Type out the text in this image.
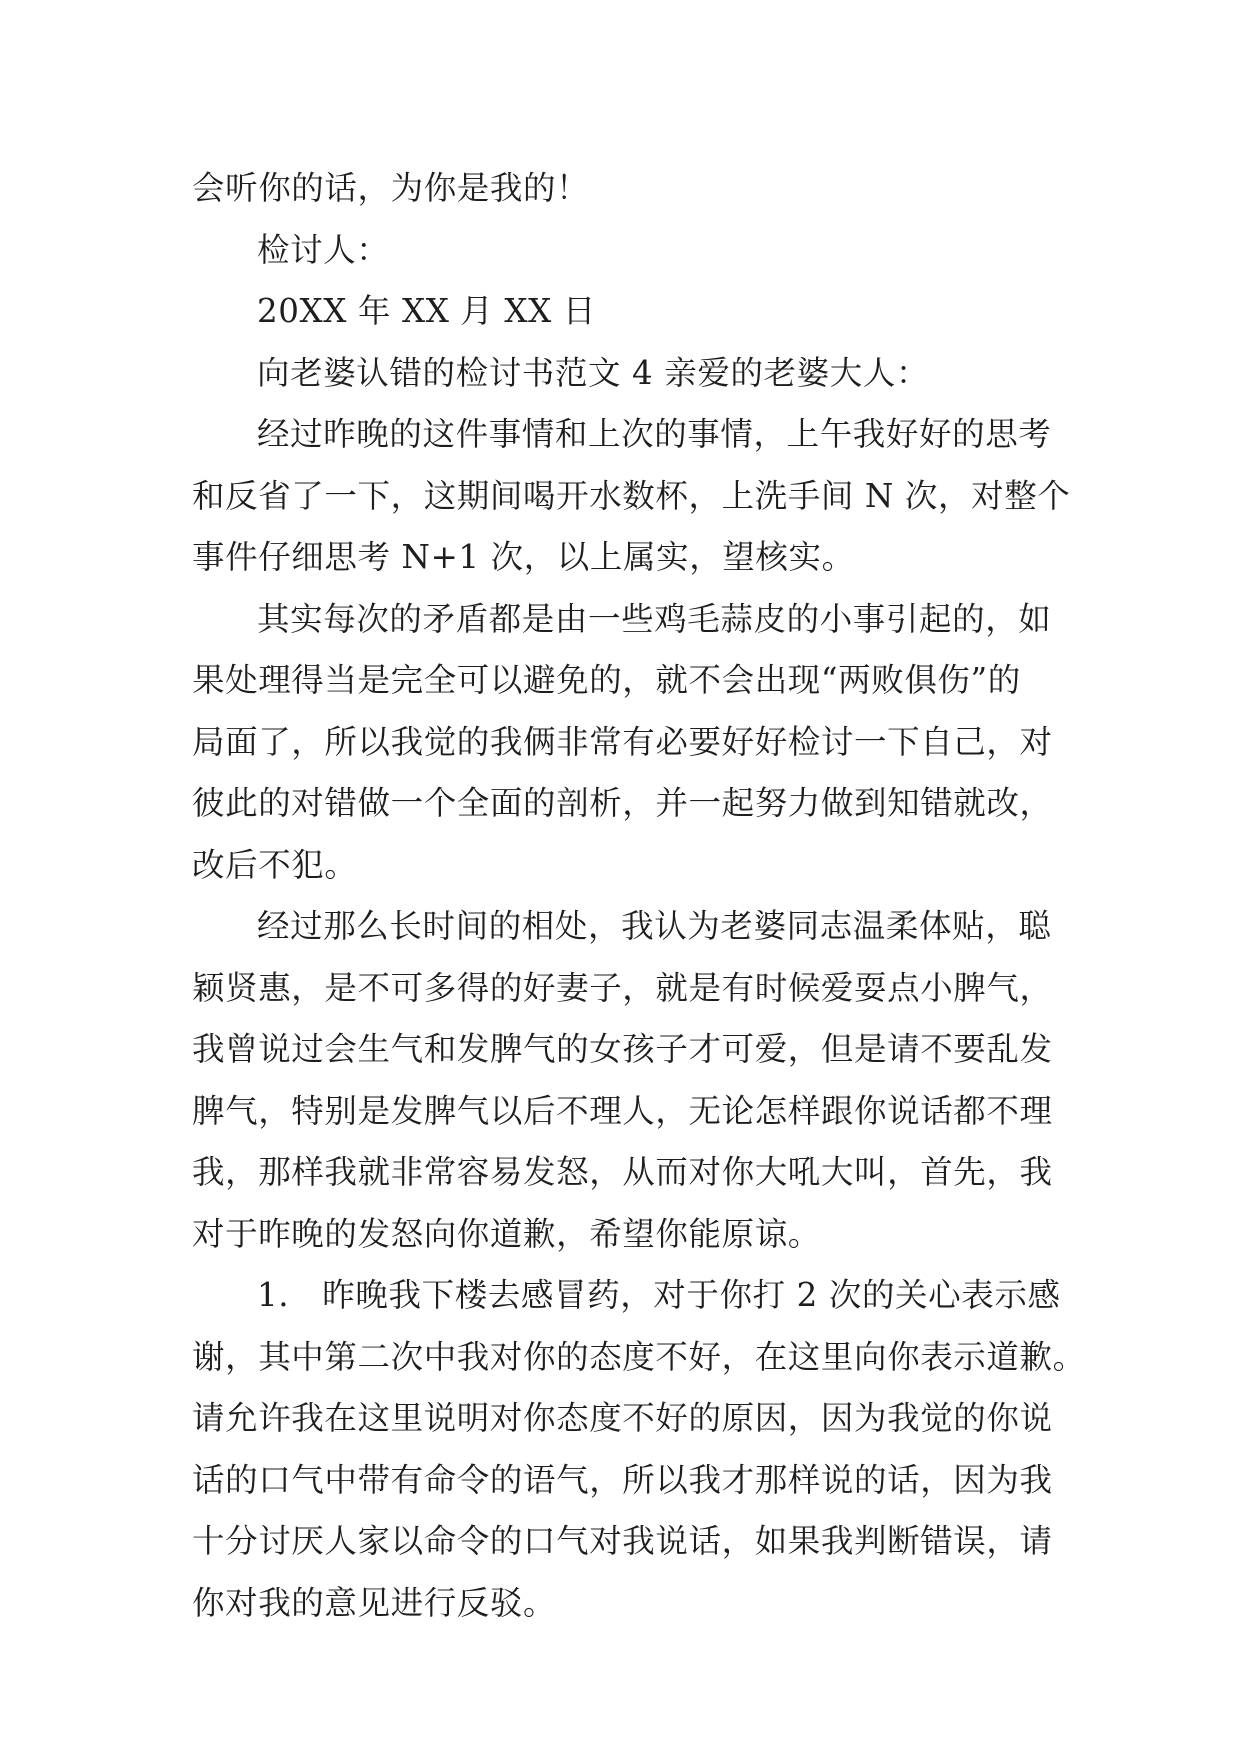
会听你的话，为你是我的！
检讨人：
20XX 年 XX 月 XX 日
向老婆认错的检讨书范文 4 亲爱的老婆大人：
经过昨晚的这件事情和上次的事情，上午我好好的思考
和反省了一下，这期间喝开水数杯，上洗手间 N 次，对整个
事件仔细思考 N+1 次，以上属实，望核实。
其实每次的矛盾都是由一些鸡毛蒜皮的小事引起的，如
果处理得当是完全可以避免的，就不会出现“两败俱伤”的
局面了，所以我觉的我俩非常有必要好好检讨一下自己，对
彼此的对错做一个全面的剖析，并一起努力做到知错就改，
改后不犯。
经过那么长时间的相处，我认为老婆同志温柔体贴，聪
颖贤惠，是不可多得的好妻子，就是有时候爱耍点小脾气，
我曾说过会生气和发脾气的女孩子才可爱，但是请不要乱发
脾气，特别是发脾气以后不理人，无论怎样跟你说话都不理
我，那样我就非常容易发怒，从而对你大吼大叫，首先，我
对于昨晚的发怒向你道歉，希望你能原谅。
1.　昨晚我下楼去感冒药，对于你打 2 次的关心表示感
谢，其中第二次中我对你的态度不好，在这里向你表示道歉。
请允许我在这里说明对你态度不好的原因，因为我觉的你说
话的口气中带有命令的语气，所以我才那样说的话，因为我
十分讨厌人家以命令的口气对我说话，如果我判断错误，请
你对我的意见进行反驳。
